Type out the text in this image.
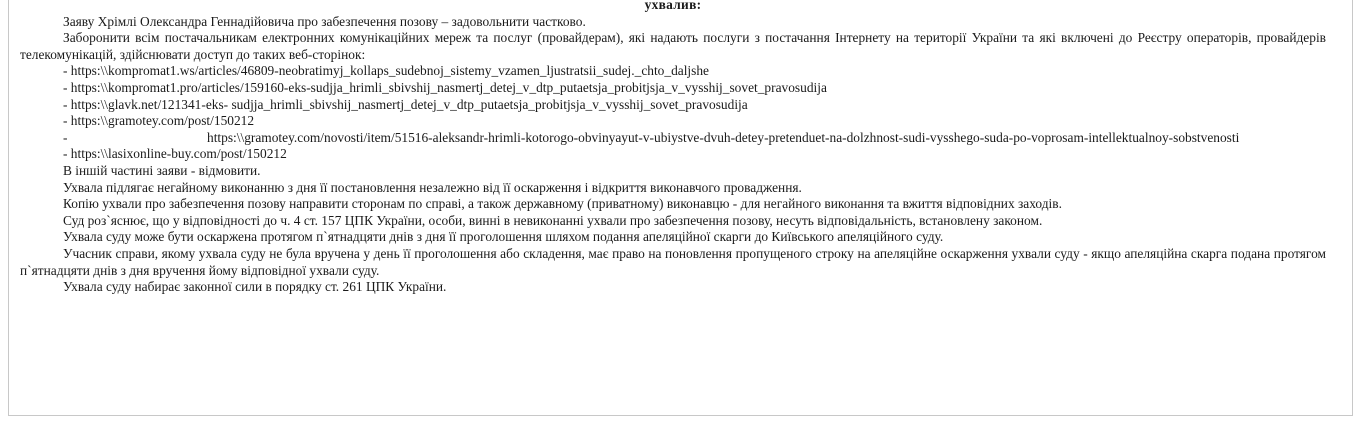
ухвалив:
Заяву Хрімлі Олександра Геннадійовича про забезпечення позову – задовольнити частково.
Заборонити всім постачальникам електронних комунікаційних мереж та послуг (провайдерам), які надають послуги з постачання Інтернету на території України та які включені до Реєстру операторів, провайдерів телекомунікацій, здійснювати доступ до таких веб-сторінок:
- https:\\kompromat1.ws/articles/46809-neobratimyj_kollaps_sudebnoj_sistemy_vzamen_ljustratsii_sudej._chto_daljshe
- https:\\kompromat1.pro/articles/159160-eks-sudjja_hrimli_sbivshij_nasmertj_detej_v_dtp_putaetsja_probitjsja_v_vysshij_sovet_pravosudija
- https:\\glavk.net/121341-eks- sudjja_hrimli_sbivshij_nasmertj_detej_v_dtp_putaetsja_probitjsja_v_vysshij_sovet_pravosudija
- https:\\gramotey.com/post/150212
-	https:\\gramotey.com/novosti/item/51516-aleksandr-hrimli-kotorogo-obvinyayut-v-ubiystve-dvuh-detey-pretenduet-na-dolzhnost-sudi-vysshego-suda-po-voprosam-intellektualnoy-sobstvenosti
- https:\\lasixonline-buy.com/post/150212
В іншій частині заяви - відмовити.
Ухвала підлягає негайному виконанню з дня її постановлення незалежно від її оскарження і відкриття виконавчого провадження.
Копію ухвали про забезпечення позову направити сторонам по справі, а також державному (приватному) виконавцю - для негайного виконання та вжиття відповідних заходів.
Суд роз`яснює, що у відповідності до ч. 4 ст. 157 ЦПК України, особи, винні в невиконанні ухвали про забезпечення позову, несуть відповідальність, встановлену законом.
Ухвала суду може бути оскаржена протягом п`ятнадцяти днів з дня її проголошення шляхом подання апеляційної скарги до Київського апеляційного суду.
Учасник справи, якому ухвала суду не була вручена у день її проголошення або складення, має право на поновлення пропущеного строку на апеляційне оскарження ухвали суду - якщо апеляційна скарга подана протягом п`ятнадцяти днів з дня вручення йому відповідної ухвали суду.
Ухвала суду набирає законної сили в порядку ст. 261 ЦПК України.
